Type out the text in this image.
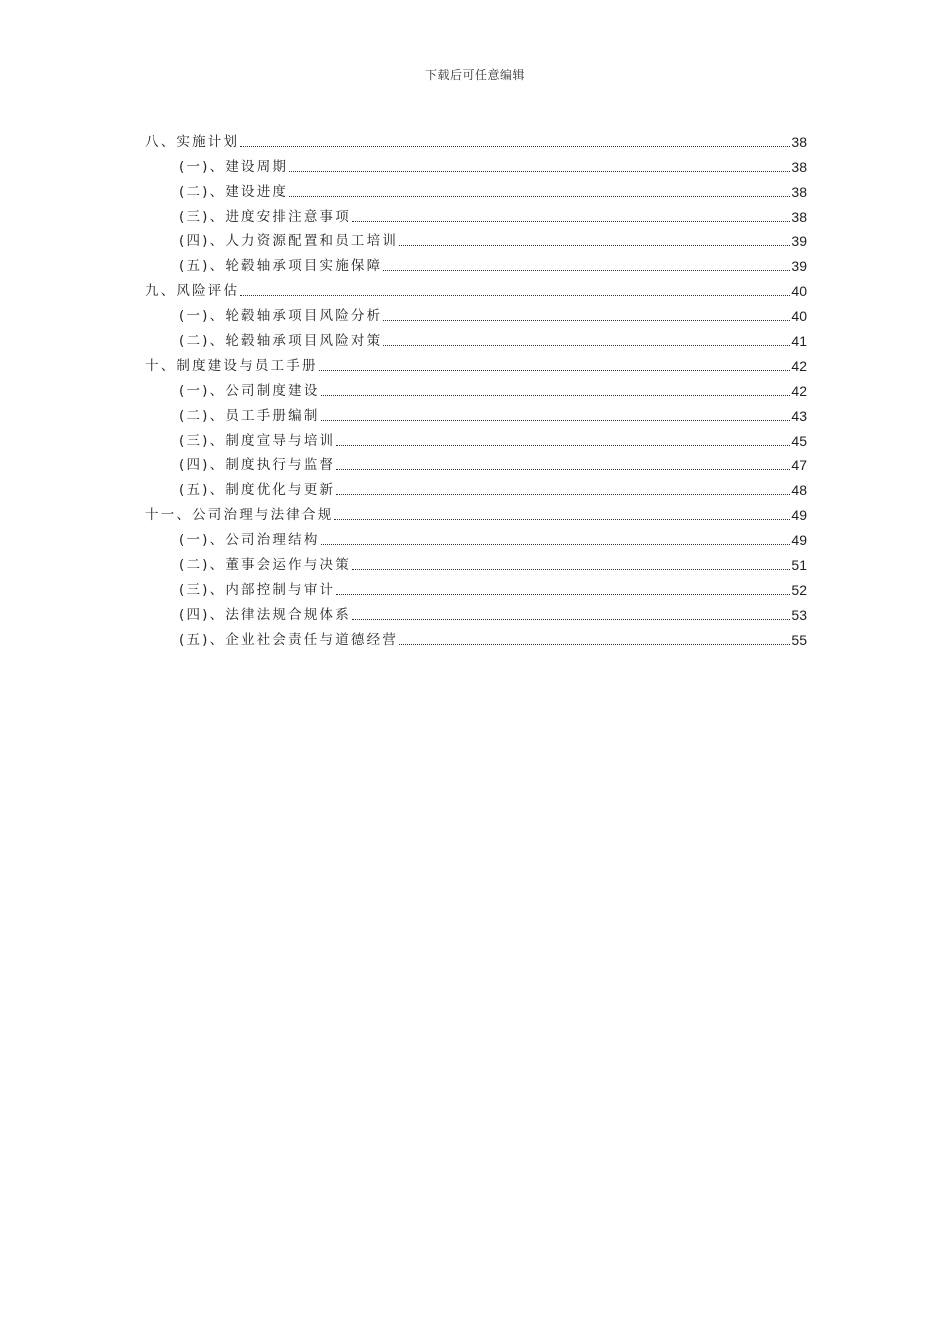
下载后可任意编辑
八、实施计划	38
(一)、建设周期	38
(二)、建设进度	38
(三)、进度安排注意事项	38
(四)、人力资源配置和员工培训	39
(五)、轮毂轴承项目实施保障	39
九、风险评估	40
(一)、轮毂轴承项目风险分析	40
(二)、轮毂轴承项目风险对策	41
十、制度建设与员工手册	42
(一)、公司制度建设	42
(二)、员工手册编制	43
(三)、制度宣导与培训	45
(四)、制度执行与监督	47
(五)、制度优化与更新	48
十一、公司治理与法律合规	49
(一)、公司治理结构	49
(二)、董事会运作与决策	51
(三)、内部控制与审计	52
(四)、法律法规合规体系	53
(五)、企业社会责任与道德经营	55
